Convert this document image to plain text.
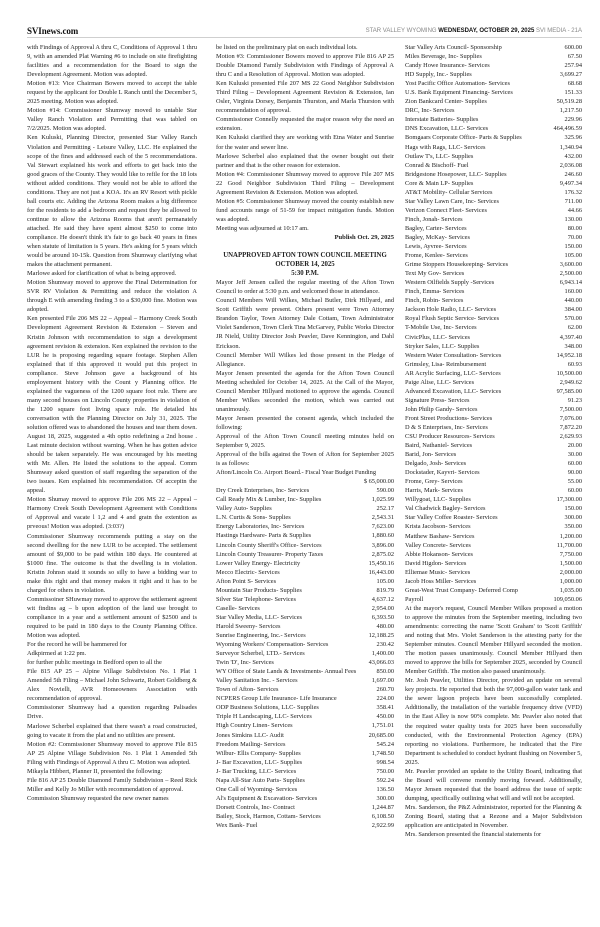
SVInews.com	STAR VALLEY WYOMING WEDNESDAY, OCTOBER 29, 2025 SVI MEDIA - 21A

with Findings of Approval A thru C, Conditions of Approval 1 thru 9, with an amended Plat Warning #6 to include on site firefighting facilities and a recommendation for the Board to sign the Development Agreement. Motion was adopted.

Motion #13: Vice Chairman Bowers moved to accept the table request by the applicant for Double L Ranch until the December 5, 2025 meeting. Motion was adopted.

Motion #14: Commissioner Shumway moved to untable Star Valley Ranch Violation and Permitting that was tabled on 7/2/2025. Motion was adopted.

Ken Kuluski, Planning Director, presented Star Valley Ranch Violation and Permitting - Leisure Valley, LLC. He explained the scope of the fines and addressed each of the 5 recommendations. Val Stewart explained his work and efforts to get back into the good graces of the County. They would like to refile for the 18 lots without added conditions. They would not be able to afford the conditions. They are not just a KOA. It's an RV Resort with pickle ball courts etc. Adding the Arizona Room makes a big difference for the residents to add a bedroom and request they be allowed to continue to allow the Arizona Rooms that aren't permanately attached. He said they have spent almost $250 to come into compliance. He doesn't think it's fair to go back 40 years in fines when statute of limitation is 5 years. He's asking for 5 years which would be around 10-15k. Question from Shumway clarifying what makes the attachment permanent.

Marlowe asked for clarification of what is being approved.

Motion Shumway moved to approve the Final Determination for SVR RV Violation & Permitting and reduce the violation A through E with amending finding 3 to a $30,000 fine. Motion was adopted.

Ken presented File 206 MS 22 – Appeal – Harmony Creek South Development Agreement Revision & Extension – Steven and Kristin Johnson with recommendation to sign a development agreement revision & extension. Ken explained the revision to the LUR he is proposing regarding square footage. Stephen Allen explained that if this approved it would put this project in compliance. Steve Johnson gave a background of his employement history with the Count y Planning office. He explained the vagueness of the 1200 square foot rule. There are many second houses on Lincoln County properties in violation of the 1200 square foot living space rule. He detailed his conversation with the Planning Director on July 31, 2025. The solution offered was to abandoned the houses and tear them down. August 18, 2025, suggested a 4th optio redefining a 2nd house . Last minute decision without warning. When he has gotten advice should be taken separately. He was encouraged by his meeting with Mr. Allen. He listed the solutions to the appeal. Comm Shumway asked question of staff regarding the separation of the two issues. Ken explained his recommendation. Of accepitn the appeal.

Motion Shumay moved to approve File 206 MS 22 – Appeal – Harmony Creek South Development Agreement with Conditions of Approval and vacate l 1,2 and 4 and gratn the extention as prveous! Motion was adopted. (3:03?)

Commissioner Shumway recommends putting a stay on the second dwelling for the new LUR to be accepted. The settlement amount of $9,000 to be paid within 180 days. He countered at $1000 fine. The outcome is that the dwelling is in violation. Kristin Johnsn staid it sounds so silly to have a bidding war to make this right and that money makes it right and it has to be charged for others in violation.

Commissoiner SHuwmay moved to approve the settlement agreent wit findins ag – b upon adoption of the land use brought to compliance in a year and a settlement amount of $2500 and is required to be paid in 180 days to the County Planning Office. Motion was adopted.

For the record he will be hammered for

Adkpirmed at 1:22 pm.

for further public meetings in Bedford open to all the

File 815 AP 25 – Alpine Village Subdivision No. 1 Plat 1 Amended 5th Filing – Michael John Schwartz, Robert Goldberg & Alex Novielli, AVR Homeowners Association with recommendation of approval.

Commissioner Shumway had a question regarding Palisades Drive.

Marlowe Scherbel explained that there wasn't a road constructed, going to vacate it from the plat and no utilities are present.

Motion #2: Commissioner Shumway moved to approve File 815 AP 25 Alpine Village Subdivision No. 1 Plat 1 Amended 5th Filing with Findings of Approval A thru C. Motion was adopted.

Mikayla Hibbert, Planner II, presented the following:

File 816 AP 25 Double Diamond Family Subdivision – Reed Rick Miller and Kelly Jo Miller with recommendation of approval.

Commission Shumway requested the new owner names

be listed on the preliminary plat on each individual lots.

Motion #3: Commissioner Bowers moved to approve File 816 AP 25 Double Diamond Family Subdivision with Findings of Approval A thru C and a Resolution of Approval. Motion was adopted.

Ken Kuluski presented File 207 MS 22 Good Neighbor Subdivision Third Filing – Development Agreement Revision & Extension, Ian Osler, Virginia Dorsey, Benjamin Thurston, and Marla Thurston with recommendation of approval.

Commissioner Connelly requested the major reason why the need an extension.

Ken Kuluski clarified they are working with Etna Water and Sunrise for the water and sewer line.

Marlowe Scherbel also explained that the owner bought out their partner and that is the other reason for extension.

Motion #4: Commissioner Shumway moved to approve File 207 MS 22 Good Neighbor Subdivision Third Filing – Development Agreement Revision & Extension. Motion was adopted.

Motion #5: Commissioner Shumway moved the county establish new fund accounts range of 51-59 for impact mitigation funds. Motion was adopted.

Meeting was adjourned at 10:17 am.

Publish Oct. 29, 2025

UNAPPROVED AFTON TOWN COUNCIL MEETING
OCTOBER 14, 2025
5:30 P.M.

Mayor Jeff Jensen called the regular meeting of the Afton Town Council to order at 5:30 p.m. and welcomed those in attendance.

Council Members Will Wilkes, Michael Butler, Dirk Hillyard, and Scott Griffith were present. Others present were Town Attorney Brandon Taylor, Town Attorney Dale Cottam, Town Administrator Violet Sanderson, Town Clerk Tina McGarvey, Public Works Director JR Nield, Utility Director Josh Peavler, Dave Kennington, and Dahl Erickson.

Council Member Will Wilkes led those present in the Pledge of Allegiance.

Mayor Jensen presented the agenda for the Afton Town Council Meeting scheduled for October 14, 2025. At the Call of the Mayor, Council Member Hillyard motioned to approve the agenda. Council Member Wilkes seconded the motion, which was carried out unanimously.

Mayor Jensen presented the consent agenda, which included the following:

Approval of the Afton Town Council meeting minutes held on September 9, 2025.

Approval of the bills against the Town of Afton for September 2025 is as follows:

Afton/Lincoln Co. Airport Board.- Fiscal Year Budget Funding
$ 65,000.00
Dry Creek Enterprises, Inc- Services	590.00
Call Ready Mix & Lumber, Inc- Supplies	1,025.99
Valley Auto- Supplies	252.17
L.N. Curtis & Sons- Supplies	2,543.31
Energy Laboratories, Inc- Services	7,623.00
Hastings Hardware- Parts & Supplies	1,880.60
Lincoln County Sheriff's Office- Services	3,896.00
Lincoln County Treasurer- Property Taxes	2,875.02
Lower Valley Energy- Electricity	15,450.16
Mecco Electric- Services	16,443.00
Afton Point S- Services	105.00
Mountain Star Products- Supplies	819.79
Silver Star Telephone- Services	4,637.12
Caselle- Services	2,954.00
Star Valley Media, LLC- Services	6,393.50
Harold Sweeny- Services	480.00
Sunrise Engineering, Inc.- Services	12,188.25
Wyoming Workers' Compensation- Services	230.42
Surveyor Scherbel, LTD.- Services	1,400.00
Twin 'D', Inc- Services	43,066.03
WY Office of State Lands & Investments- Annual Fees	850.00
Valley Sanitation Inc. - Services	1,697.00
Town of Afton- Services	260.70
NCPERS Group Life Insurance- Life Insurance	224.00
ODP Business Solutions, LLC- Supplies	358.41
Triple H Landscaping, LLC- Services	450.00
High Country Linen- Services	1,751.01
Jones Simkins LLC- Audit	20,685.00
Freedom Mailing- Services	545.24
Wilbur- Ellis Company- Supplies	1,748.50
J- Bar Excavation, LLC- Supplies	998.54
J- Bar Trucking, LLC- Services	750.00
Napa All-Star Auto Parts- Supplies	592.24
One Call of Wyoming- Services	136.50
Al's Equipment & Excavation- Services	300.00
Dorsett Controls, Inc- Contract	1,244.87
Bailey, Stock, Harmon, Cottam- Services	6,108.50
Wex Bank- Fuel	2,922.99
Star Valley Arts Council- Sponsorship	600.00
Miles Beverage, Inc- Supplies	67.50
Candy Howe Insurance- Services	257.94
HD Supply, Inc.- Supplies	3,699.27
Yost Pacific Office Automation- Services	68.68
U.S. Bank Equipment Financing- Services	151.33
Zion Bankcard Center- Supplies	50,519.28
DRC, Inc- Services	1,217.50
Interstate Batteries- Supplies	229.96
DNS Excavation, LLC- Services	464,496.59
Bomgaars Corporate Office- Parts & Supplies	325.96
Hags with Rags, LLC- Services	1,340.94
Outlaw T's, LLC- Supplies	432.00
Conrad & Bischoff- Fuel	2,036.08
Bridgestone Hosepower, LLC- Supplies	246.60
Core & Main LP- Supplies	9,497.34
AT&T Mobility- Cellular Services	176.32
Star Valley Lawn Care, Inc- Services	711.00
Verizon Connect Fleet- Services	44.66
Finch, Jonah- Services	130.00
Bagley, Carter- Services	80.00
Bagley, McKay- Services	70.00
Lewis, Ayvree- Services	150.00
Frome, Kenlee- Services	105.00
Grime Stoppers Housekeeping- Services	3,600.00
Text My Gov- Services	2,500.00
Western Oilfields Supply -Services	6,943.14
Finch, Emma- Services	160.00
Finch, Robin- Services	440.00
Jackson Hole Radio, LLC- Services	384.00
Royal Flush Septic Service- Services	570.00
T-Mobile Use, Inc- Services	62.00
CivicPlus, LLC- Services	4,397.40
Stryker Sales, LLC- Supplies	348.00
Western Water Consultation- Services	14,952.18
Grimsley, Lisa- Reimbursement	60.93
AR Acrylic Surfacing, LLC- Services	10,500.00
Paige Alise, LLC- Services	2,949.62
Advanced Excavation, LLC- Services	97,585.00
Signature Press- Services	91.23
John Philip Gandy- Services	7,500.00
Front Street Productions- Services	7,076.00
D & S Enterprises, Inc- Services	7,872.20
CSU Producer Resources- Services	2,629.93
Baird, Nathaniel- Services	20.00
Barid, Jon- Services	30.00
Delgado, Josh- Services	60.00
Dockstader, Kayvri- Services	90.00
Frome, Grey- Services	55.00
Harris, Mark- Services	60.00
Willygoat, LLC- Supplies	17,300.00
Val Chadwick Bagley- Services	150.00
Star Valley Coffee Roaster- Services	300.00
Krista Jacobson- Services	350.00
Matthew Bashaw- Services	1,200.00
Valley Concrete- Services	11,700.00
Abbie Hokanson- Services	7,750.00
David Higdon- Services	1,500.00
Elliemae Music- Services	2,000.00
Jacob Hoss Miller- Services	1,000.00
Great-West Trust Company- Deferred Comp	1,035.00
Payroll	109,050.06

At the mayor's request, Council Member Wilkes proposed a motion to approve the minutes from the September meeting, including two amendments: correcting the name 'Scott Graham' to 'Scott Griffith' and noting that Mrs. Violet Sanderson is the attesting party for the September minutes. Council Member Hillyard seconded the motion. The motion passes unanimously. Council Member Hillyard then moved to approve the bills for September 2025, seconded by Council Member Griffith. The motion also passed unanimously.

Mr. Josh Peavler, Utilities Director, provided an update on several key projects. He reported that both the 97,000-gallon water tank and the sewer lagoon projects have been successfully completed. Additionally, the installation of the variable frequency drive (VFD) in the East Alley is now 90% complete. Mr. Peavler also noted that the required water quality tests for 2025 have been successfully conducted, with the Environmental Protection Agency (EPA) reporting no violations. Furthermore, he indicated that the Fire Department is scheduled to conduct hydrant flushing on November 5, 2025.

Mr. Peavler provided an update to the Utility Board, indicating that the Board will convene monthly moving forward. Additionally, Mayor Jensen requested that the board address the issue of septic dumping, specifically outlining what will and will not be accepted.

Mrs. Sanderson, the P&Z Administrator, reported for the Planning & Zoning Board, stating that a Rezone and a Major Subdivision application are anticipated in November.

Mrs. Sanderson presented the financial statements for
